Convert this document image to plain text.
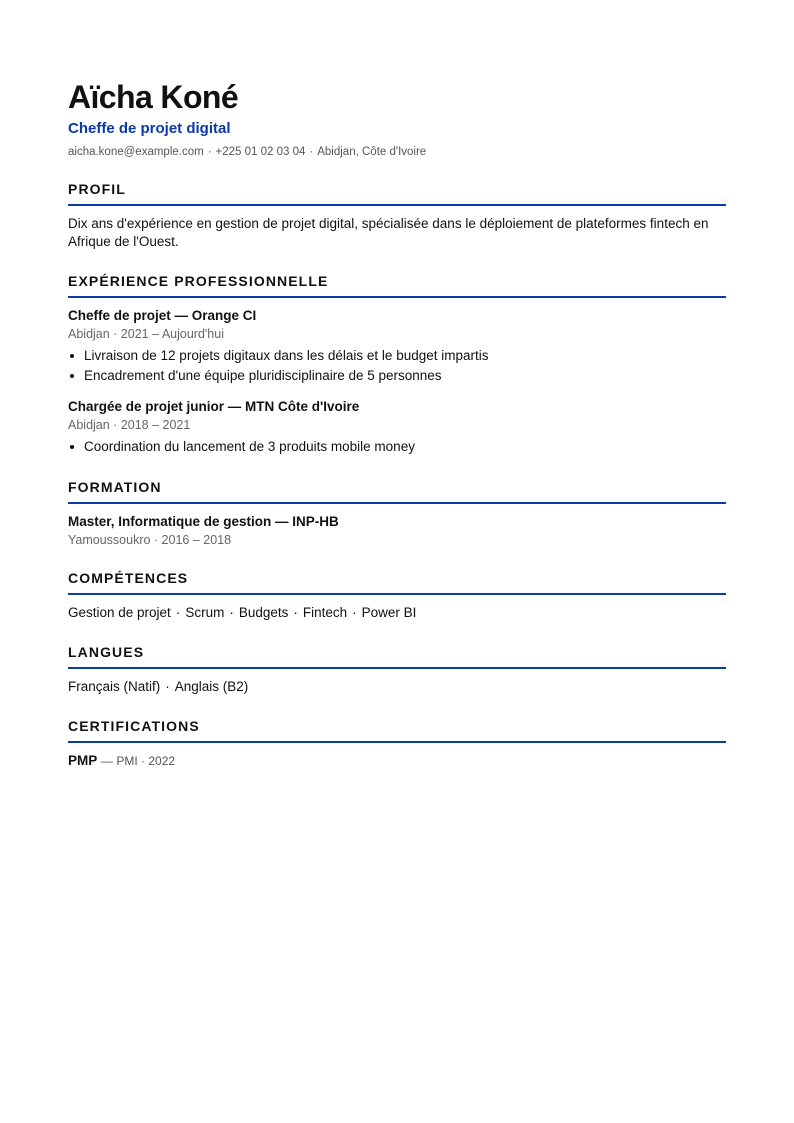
Aïcha Koné
Cheffe de projet digital
aicha.kone@example.com · +225 01 02 03 04 · Abidjan, Côte d'Ivoire
PROFIL
Dix ans d'expérience en gestion de projet digital, spécialisée dans le déploiement de plateformes fintech en Afrique de l'Ouest.
EXPÉRIENCE PROFESSIONNELLE
Cheffe de projet — Orange CI
Abidjan · 2021 – Aujourd'hui
Livraison de 12 projets digitaux dans les délais et le budget impartis
Encadrement d'une équipe pluridisciplinaire de 5 personnes
Chargée de projet junior — MTN Côte d'Ivoire
Abidjan · 2018 – 2021
Coordination du lancement de 3 produits mobile money
FORMATION
Master, Informatique de gestion — INP-HB
Yamoussoukro · 2016 – 2018
COMPÉTENCES
Gestion de projet · Scrum · Budgets · Fintech · Power BI
LANGUES
Français (Natif) · Anglais (B2)
CERTIFICATIONS
PMP — PMI · 2022
